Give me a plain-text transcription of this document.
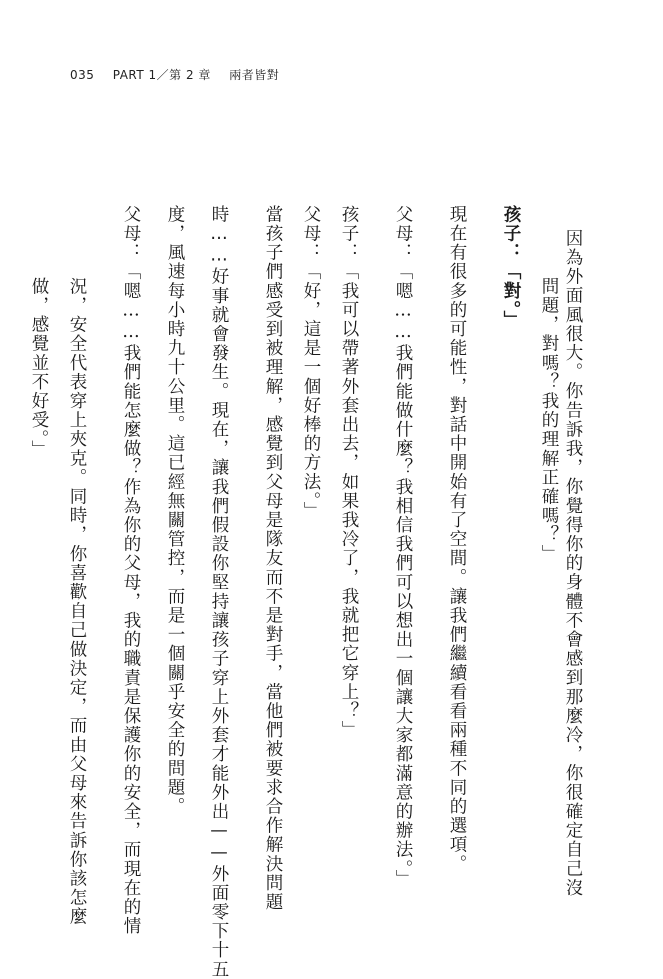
035 PART 1／第 2 章 兩者皆對
因為外面風很大。你告訴我，你覺得你的身體不會感到那麼冷，你很確定自己沒
問題，對嗎？我的理解正確嗎？」
孩子：「對。」
現在有很多的可能性，對話中開始有了空間。讓我們繼續看看兩種不同的選項。
父母：「嗯……我們能做什麼？我相信我們可以想出一個讓大家都滿意的辦法。」
孩子：「我可以帶著外套出去，如果我冷了，我就把它穿上？」
父母：「好，這是一個好棒的方法。」
當孩子們感受到被理解，感覺到父母是隊友而不是對手，當他們被要求合作解決問題
時……好事就會發生。現在，讓我們假設你堅持讓孩子穿上外套才能外出——外面零下十五
度，風速每小時九十公里。這已經無關管控，而是一個關乎安全的問題。
父母：「嗯……我們能怎麼做？作為你的父母，我的職責是保護你的安全，而現在的情
況，安全代表穿上夾克。同時，你喜歡自己做決定，而由父母來告訴你該怎麼
做，感覺並不好受。」
